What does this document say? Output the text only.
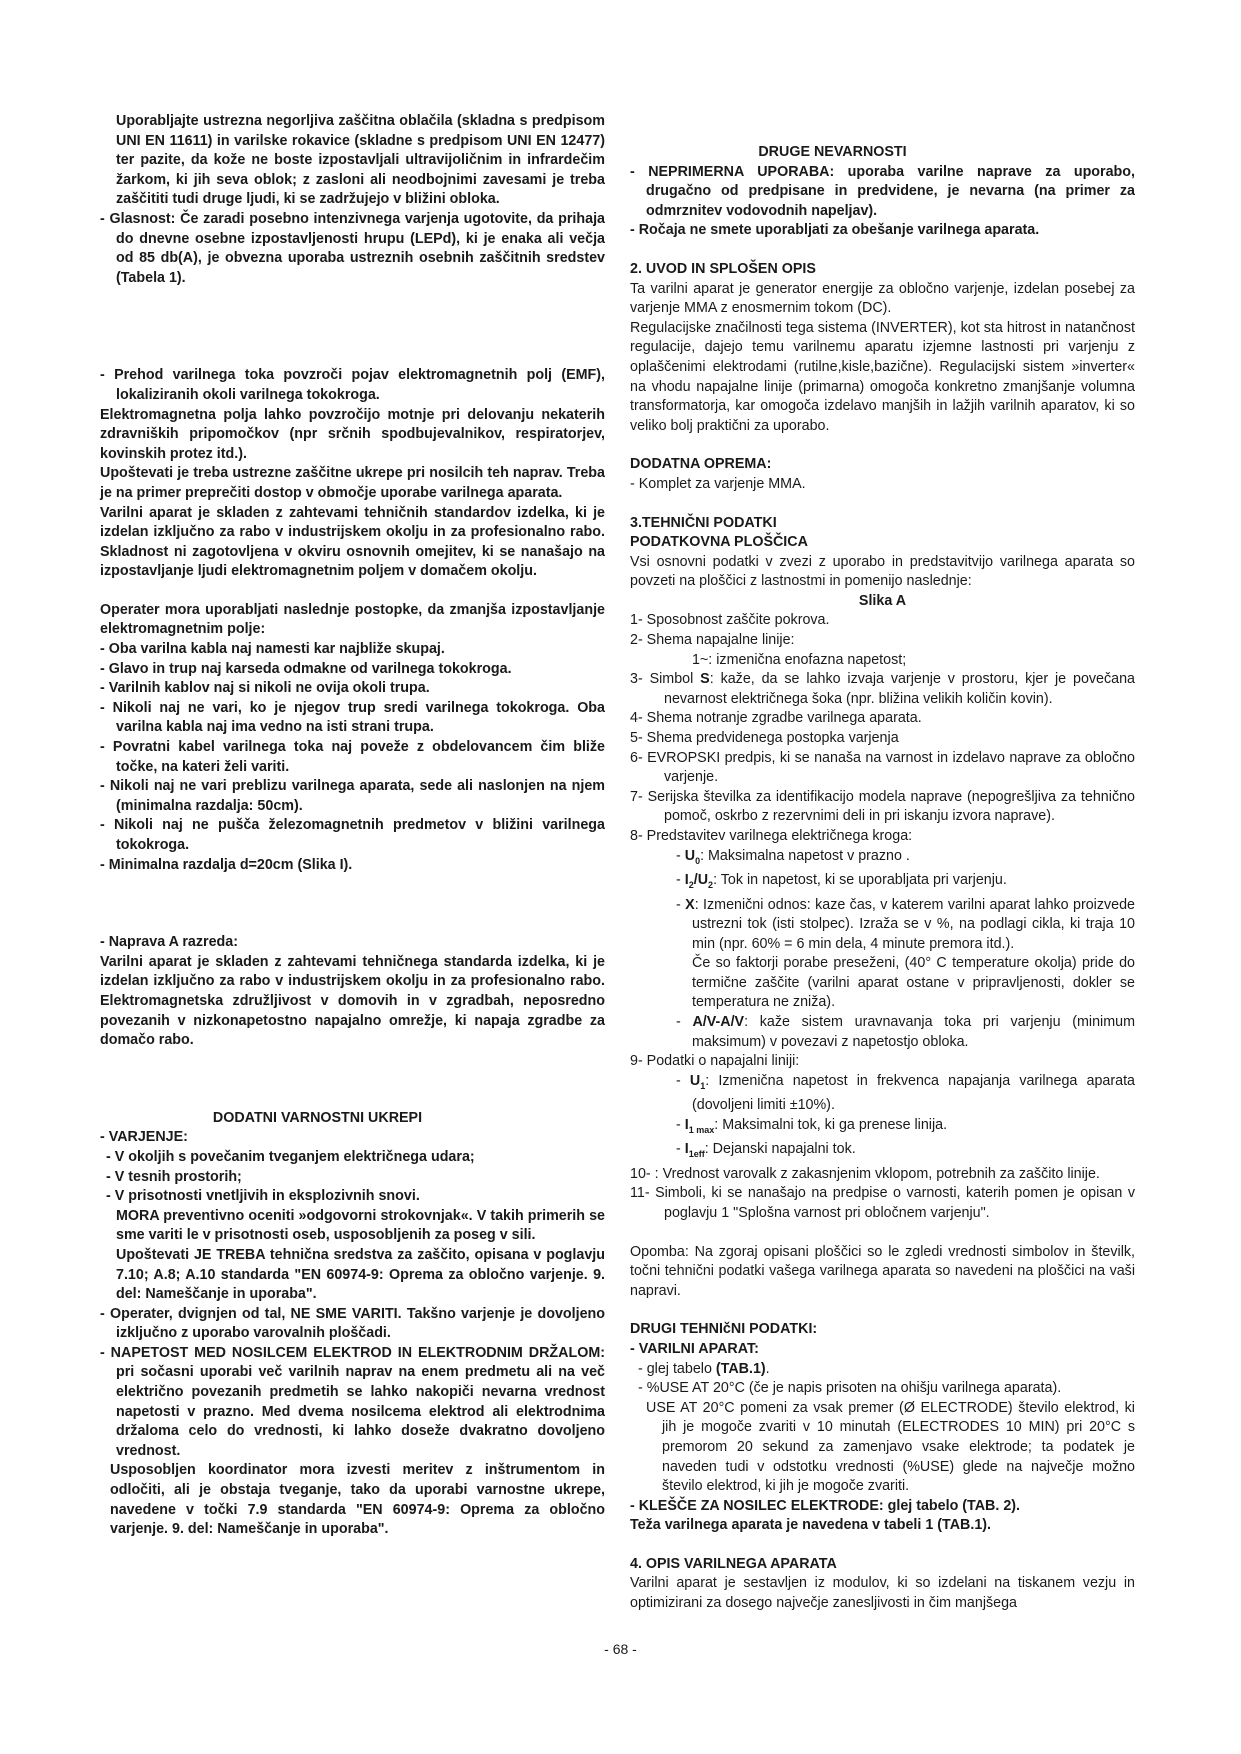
Uporabljajte ustrezna negorljiva zaščitna oblačila (skladna s predpisom UNI EN 11611) in varilske rokavice (skladne s predpisom UNI EN 12477) ter pazite, da kože ne boste izpostavljali ultravijoličnim in infrardečim žarkom, ki jih seva oblok; z zasloni ali neodbojnimi zavesami je treba zaščititi tudi druge ljudi, ki se zadržujejo v bližini obloka.

- Glasnost: Če zaradi posebno intenzivnega varjenja ugotovite, da prihaja do dnevne osebne izpostavljenosti hrupu (LEPd), ki je enaka ali večja od 85 db(A), je obvezna uporaba ustreznih osebnih zaščitnih sredstev (Tabela 1).

- Prehod varilnega toka povzroči pojav elektromagnetnih polj (EMF), lokaliziranih okoli varilnega tokokroga.

Elektromagnetna polja lahko povzročijo motnje pri delovanju nekaterih zdravniških pripomočkov (npr srčnih spodbujevalnikov, respiratorjev, kovinskih protez itd.).

Upoštevati je treba ustrezne zaščitne ukrepe pri nosilcih teh naprav. Treba je na primer preprečiti dostop v območje uporabe varilnega aparata.

Varilni aparat je skladen z zahtevami tehničnih standardov izdelka, ki je izdelan izključno za rabo v industrijskem okolju in za profesionalno rabo. Skladnost ni zagotovljena v okviru osnovnih omejitev, ki se nanašajo na izpostavljanje ljudi elektromagnetnim poljem v domačem okolju.

Operater mora uporabljati naslednje postopke, da zmanjša izpostavljanje elektromagnetnim polje:

- Oba varilna kabla naj namesti kar najbliže skupaj.

- Glavo in trup naj karseda odmakne od varilnega tokokroga.

- Varilnih kablov naj si nikoli ne ovija okoli trupa.

- Nikoli naj ne vari, ko je njegov trup sredi varilnega tokokroga. Oba varilna kabla naj ima vedno na isti strani trupa.

- Povratni kabel varilnega toka naj poveže z obdelovancem čim bliže točke, na kateri želi variti.

- Nikoli naj ne vari preblizu varilnega aparata, sede ali naslonjen na njem (minimalna razdalja: 50cm).

- Nikoli naj ne pušča železomagnetnih predmetov v bližini varilnega tokokroga.

- Minimalna razdalja d=20cm (Slika I).

- Naprava A razreda:

Varilni aparat je skladen z zahtevami tehničnega standarda izdelka, ki je izdelan izključno za rabo v industrijskem okolju in za profesionalno rabo. Elektromagnetska združljivost v domovih in v zgradbah, neposredno povezanih v nizkonapetostno napajalno omrežje, ki napaja zgradbe za domačo rabo.

DODATNI VARNOSTNI UKREPI

- VARJENJE:

- V okoljih s povečanim tveganjem električnega udara;

- V tesnih prostorih;

- V prisotnosti vnetljivih in eksplozivnih snovi.

MORA preventivno oceniti »odgovorni strokovnjak«. V takih primerih se sme variti le v prisotnosti oseb, usposobljenih za poseg v sili.

Upoštevati JE TREBA tehnična sredstva za zaščito, opisana v poglavju 7.10; A.8; A.10 standarda "EN 60974-9: Oprema za obločno varjenje. 9. del: Nameščanje in uporaba".

- Operater, dvignjen od tal, NE SME VARITI. Takšno varjenje je dovoljeno izključno z uporabo varovalnih ploščadi.

- NAPETOST MED NOSILCEM ELEKTROD IN ELEKTRODNIM DRŽALOM: pri sočasni uporabi več varilnih naprav na enem predmetu ali na več električno povezanih predmetih se lahko nakopiči nevarna vrednost napetosti v prazno. Med dvema nosilcema elektrod ali elektrodnima držaloma celo do vrednosti, ki lahko doseže dvakratno dovoljeno vrednost.

Usposobljen koordinator mora izvesti meritev z inštrumentom in odločiti, ali je obstaja tveganje, tako da uporabi varnostne ukrepe, navedene v točki 7.9 standarda "EN 60974-9: Oprema za obločno varjenje. 9. del: Nameščanje in uporaba".

DRUGE NEVARNOSTI

- NEPRIMERNA UPORABA: uporaba varilne naprave za uporabo, drugačno od predpisane in predvidene, je nevarna (na primer za odmrznitev vodovodnih napeljav).

- Ročaja ne smete uporabljati za obešanje varilnega aparata.

2. UVOD IN SPLOŠEN OPIS

Ta varilni aparat je generator energije za obločno varjenje, izdelan posebej za varjenje MMA z enosmernim tokom (DC).

Regulacijske značilnosti tega sistema (INVERTER), kot sta hitrost in natančnost regulacije, dajejo temu varilnemu aparatu izjemne lastnosti pri varjenju z oplaščenimi elektrodami (rutilne,kisle,bazične). Regulacijski sistem »inverter« na vhodu napajalne linije (primarna) omogoča konkretno zmanjšanje volumna transformatorja, kar omogoča izdelavo manjših in lažjih varilnih aparatov, ki so veliko bolj praktični za uporabo.

DODATNA OPREMA:

- Komplet za varjenje MMA.

3.TEHNIČNI PODATKI

PODATKOVNA PLOŠČICA

Vsi osnovni podatki v zvezi z uporabo in predstavitvijo varilnega aparata so povzeti na ploščici z lastnostmi in pomenijo naslednje:

Slika A

1- Sposobnost zaščite pokrova.

2- Shema napajalne linije:

1~: izmenična enofazna napetost;

3- Simbol S: kaže, da se lahko izvaja varjenje v prostoru, kjer je povečana nevarnost električnega šoka (npr. bližina velikih količin kovin).

4- Shema notranje zgradbe varilnega aparata.

5- Shema predvidenega postopka varjenja

6- EVROPSKI predpis, ki se nanaša na varnost in izdelavo naprave za obločno varjenje.

7- Serijska številka za identifikacijo modela naprave (nepogrešljiva za tehnično pomoč, oskrbo z rezervnimi deli in pri iskanju izvora naprave).

8- Predstavitev varilnega električnega kroga:

- $U_0$: Maksimalna napetost v prazno .

- $I_2/U_2$: Tok in napetost, ki se uporabljata pri varjenju.

- X: Izmenični odnos: kaze čas, v katerem varilni aparat lahko proizvede ustrezni tok (isti stolpec). Izraža se v %, na podlagi cikla, ki traja 10 min (npr. 60% = 6 min dela, 4 minute premora itd.).

Če so faktorji porabe preseženi, (40° C temperature okolja) pride do termične zaščite (varilni aparat ostane v pripravljenosti, dokler se temperatura ne zniža).

- A/V-A/V: kaže sistem uravnavanja toka pri varjenju (minimum maksimum) v povezavi z napetostjo obloka.

9- Podatki o napajalni liniji:

- $U_1$: Izmenična napetost in frekvenca napajanja varilnega aparata (dovoljeni limiti ±10%).

- $I_{1 max}$: Maksimalni tok, ki ga prenese linija.

- $I_{1eff}$: Dejanski napajalni tok.

10- : Vrednost varovalk z zakasnjenim vklopom, potrebnih za zaščito linije.

11- Simboli, ki se nanašajo na predpise o varnosti, katerih pomen je opisan v poglavju 1 "Splošna varnost pri obločnem varjenju".

Opomba: Na zgoraj opisani ploščici so le zgledi vrednosti simbolov in številk, točni tehnični podatki vašega varilnega aparata so navedeni na ploščici na vaši napravi.

DRUGI TEHNIčNI PODATKI:

- VARILNI APARAT:

- glej tabelo (TAB.1).

- %USE AT 20°C (če je napis prisoten na ohišju varilnega aparata).

USE AT 20°C pomeni za vsak premer (Ø ELECTRODE) število elektrod, ki jih je mogoče zvariti v 10 minutah (ELECTRODES 10 MIN) pri 20°C s premorom 20 sekund za zamenjavo vsake elektrode; ta podatek je naveden tudi v odstotku vrednosti (%USE) glede na največje možno število elektrod, ki jih je mogoče zvariti.

- KLEŠČE ZA NOSILEC ELEKTRODE: glej tabelo (TAB. 2).

Teža varilnega aparata je navedena v tabeli 1 (TAB.1).

4. OPIS VARILNEGA APARATA

Varilni aparat je sestavljen iz modulov, ki so izdelani na tiskanem vezju in optimizirani za dosego največje zanesljivosti in čim manjšega

- 68 -
